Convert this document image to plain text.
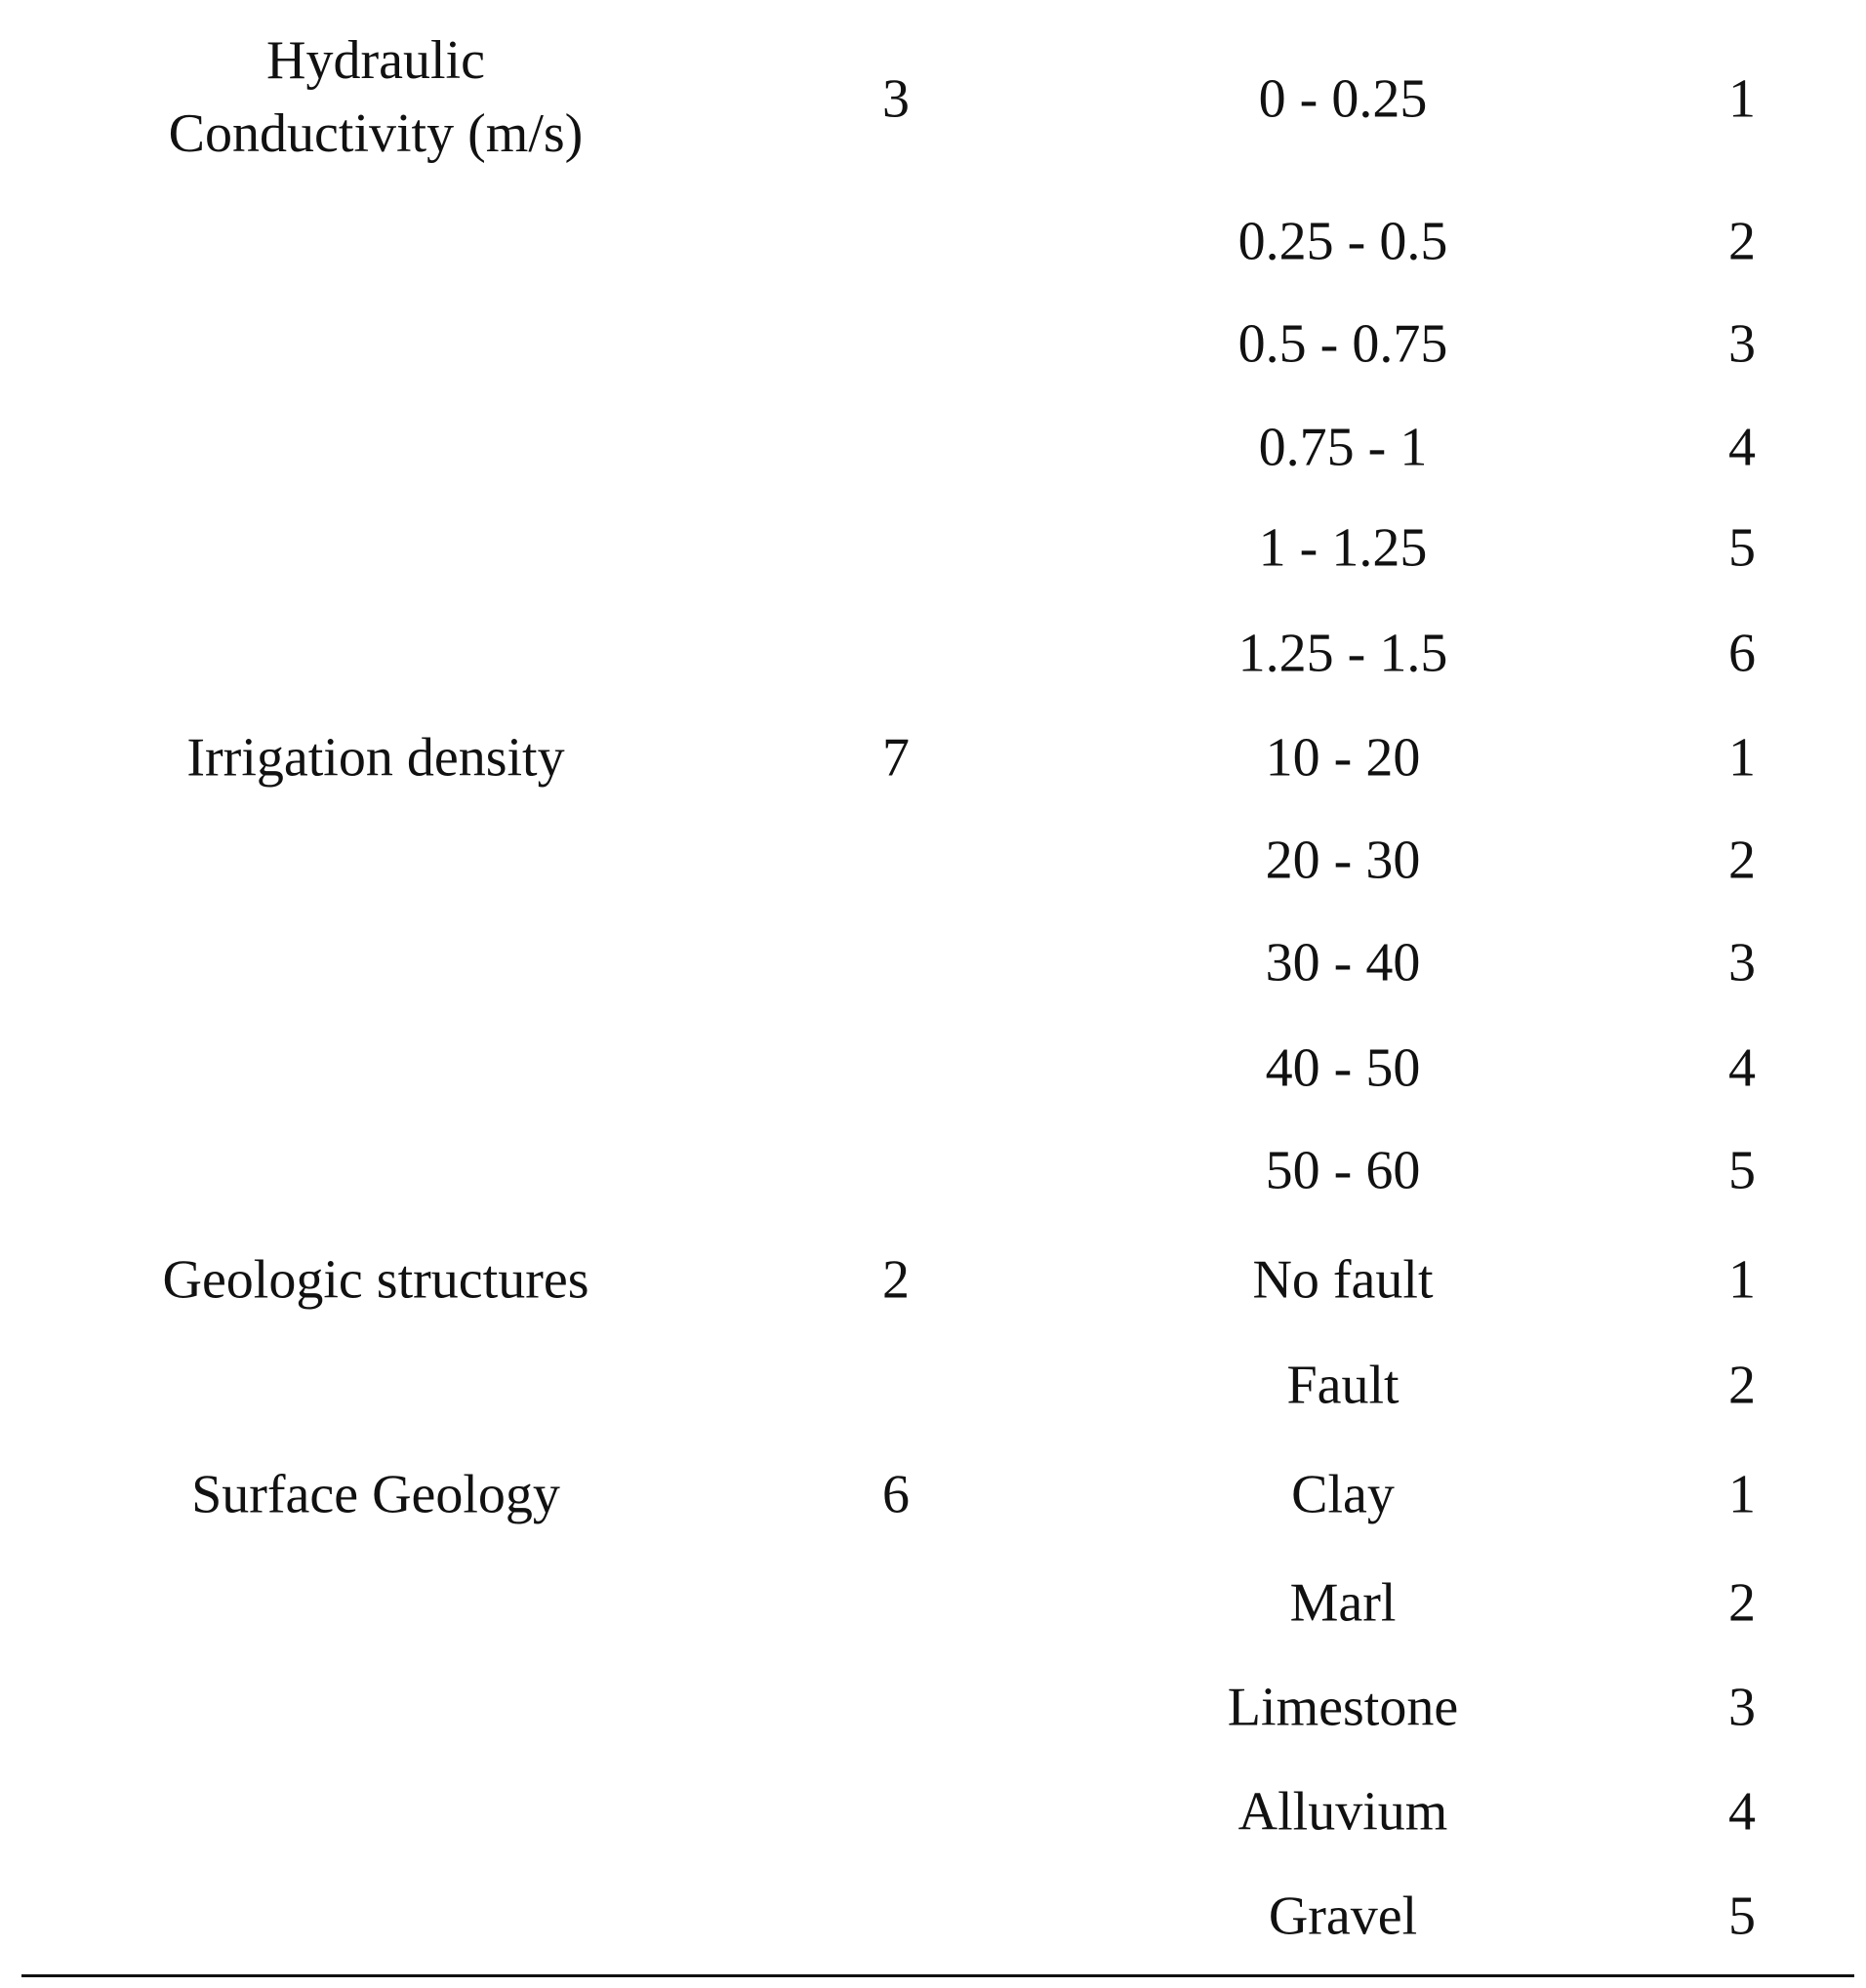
Hydraulic
Conductivity (m/s)
3	0 - 0.25	1
0.25 - 0.5	2
0.5 - 0.75	3
0.75 - 1	4
1 - 1.25	5
1.25 - 1.5	6
Irrigation density	7	10 - 20	1
20 - 30	2
30 - 40	3
40 - 50	4
50 - 60	5
Geologic structures	2	No fault	1
Fault	2
Surface Geology	6	Clay	1
Marl	2
Limestone	3
Alluvium	4
Gravel	5
